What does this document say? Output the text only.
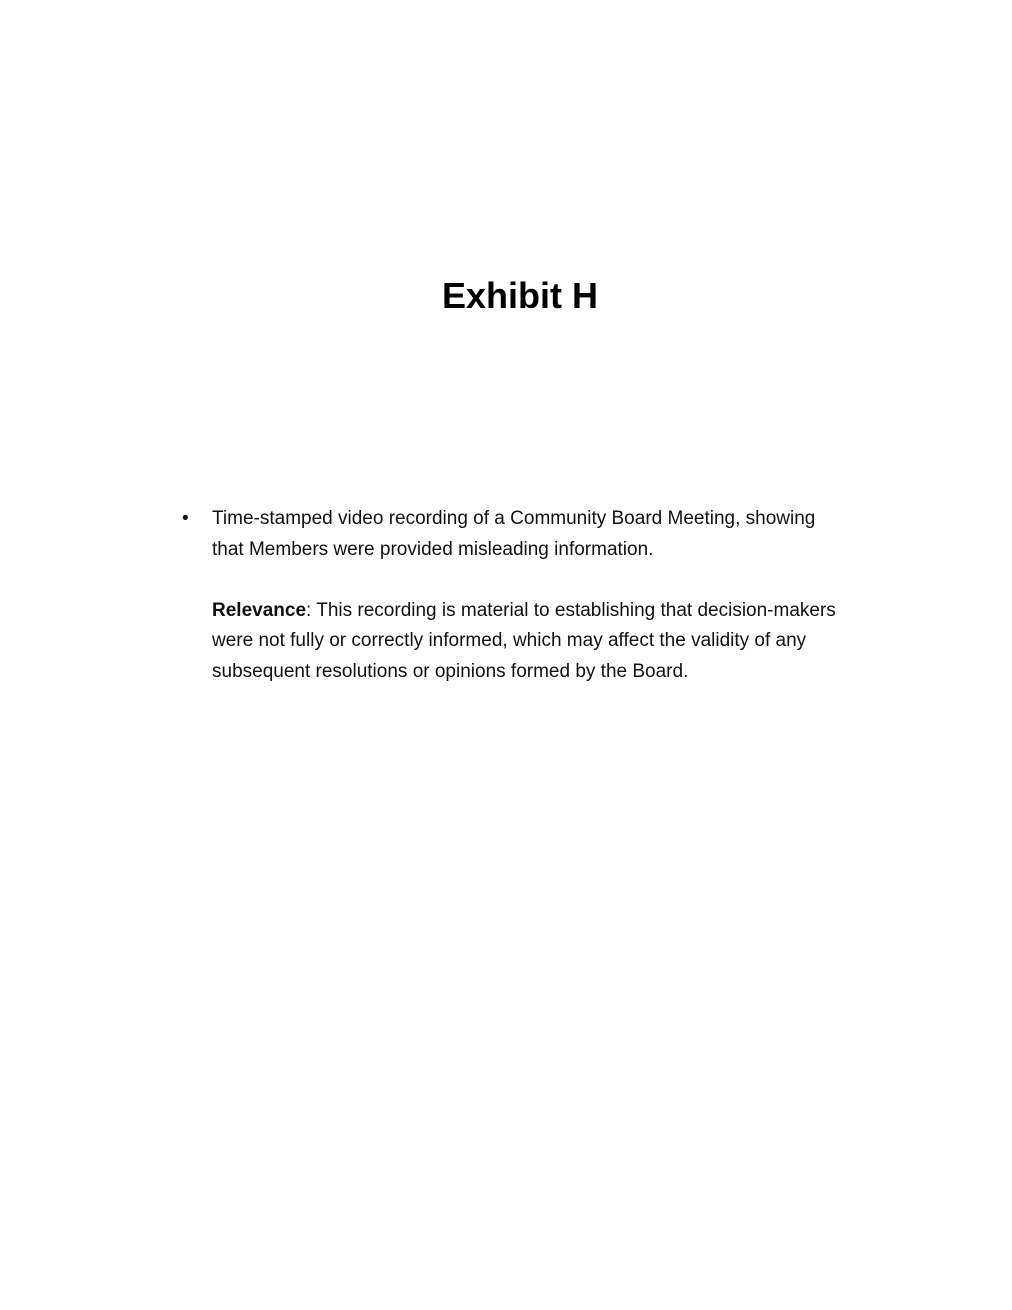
Exhibit H
• Time-stamped video recording of a Community Board Meeting, showing that Members were provided misleading information.
Relevance: This recording is material to establishing that decision-makers were not fully or correctly informed, which may affect the validity of any subsequent resolutions or opinions formed by the Board.
